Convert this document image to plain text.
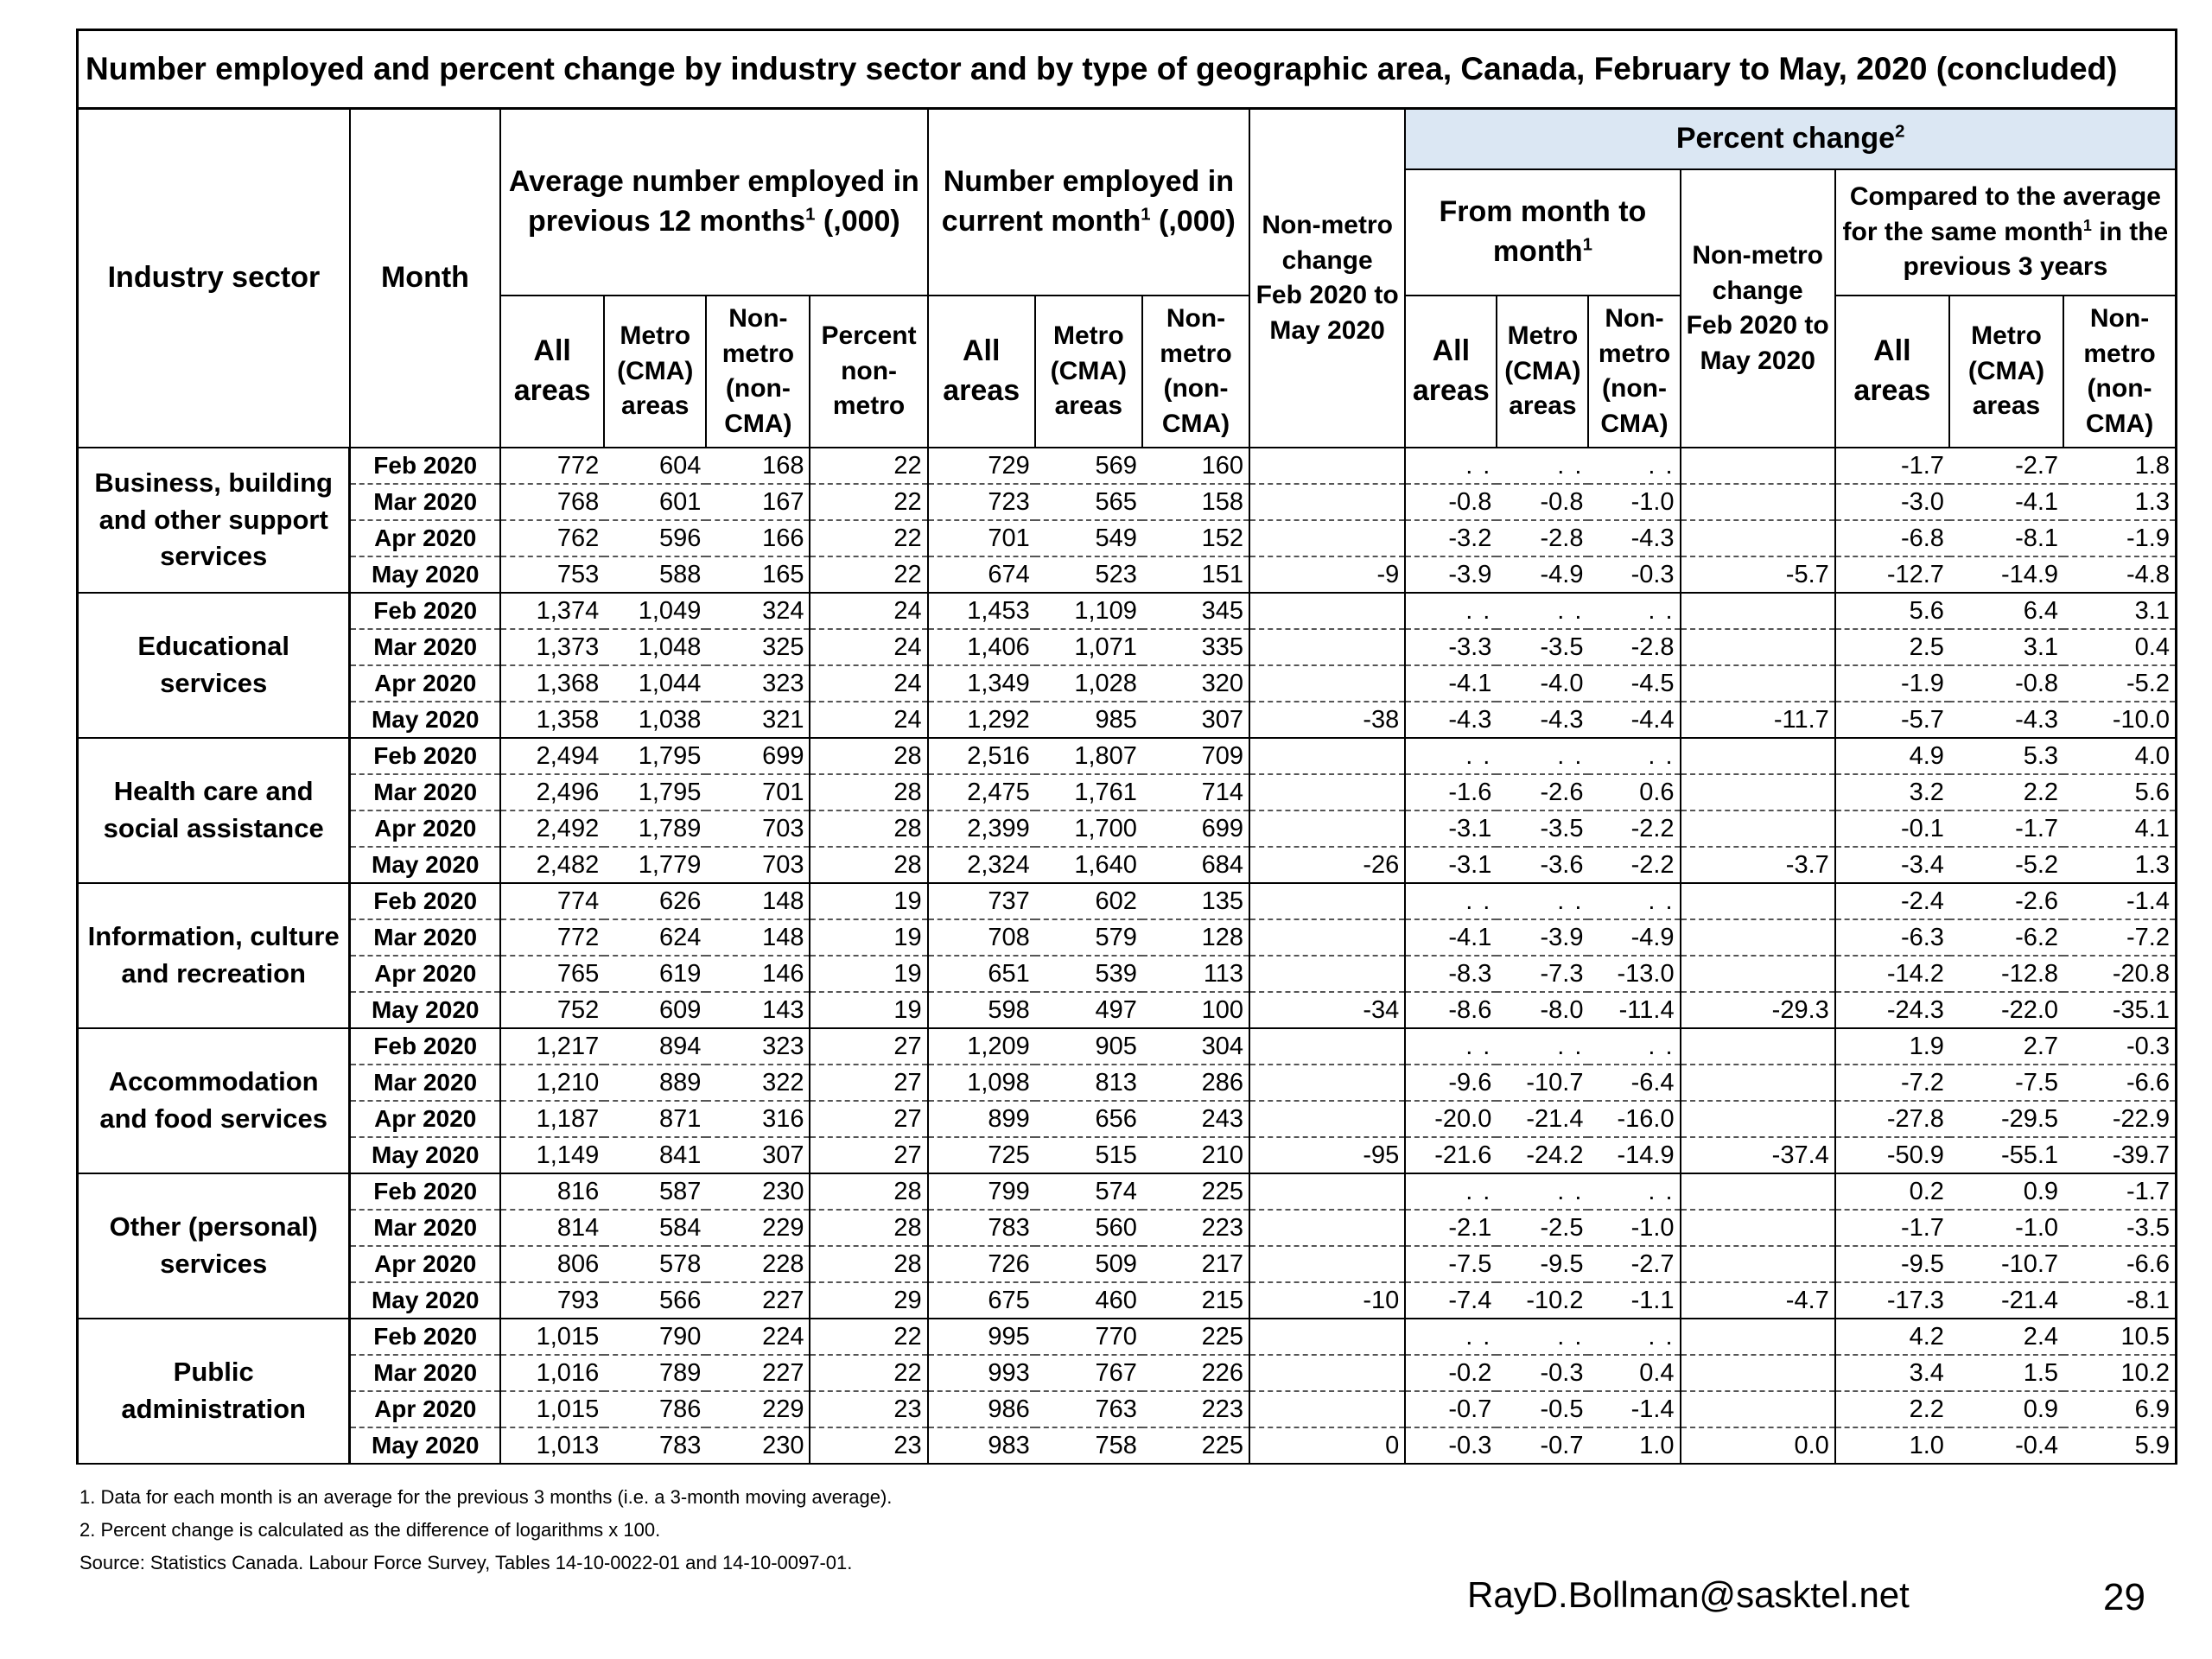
Number employed and percent change by industry sector and by type of geographic area, Canada, February to May, 2020 (concluded)																
Industry sector	Month	Average number employed in previous 12 months$^1$ (,000)				Number employed in current month$^1$ (,000)			Non-metro change Feb 2020 to May 2020	Percent change$^2$
										From month to month$^1$			Non-metro change Feb 2020 to May 2020	Compared to the average for the same month$^1$ in the previous 3 years		
		All areas	Metro (CMA) areas	Non-metro (non-CMA)	Percent non-metro	All areas	Metro (CMA) areas	Non-metro (non-CMA)		All areas	Metro (CMA) areas	Non-metro (non-CMA)		All areas	Metro (CMA) areas	Non-metro (non-CMA)
Business, building and other support services	Feb 2020	772	604	168	22	729	569	160		. .	. .	. .		-1.7	-2.7	1.8
	Mar 2020	768	601	167	22	723	565	158		-0.8	-0.8	-1.0		-3.0	-4.1	1.3
	Apr 2020	762	596	166	22	701	549	152		-3.2	-2.8	-4.3		-6.8	-8.1	-1.9
	May 2020	753	588	165	22	674	523	151	-9	-3.9	-4.9	-0.3	-5.7	-12.7	-14.9	-4.8
Educational services	Feb 2020	1,374	1,049	324	24	1,453	1,109	345		. .	. .	. .		5.6	6.4	3.1
	Mar 2020	1,373	1,048	325	24	1,406	1,071	335		-3.3	-3.5	-2.8		2.5	3.1	0.4
	Apr 2020	1,368	1,044	323	24	1,349	1,028	320		-4.1	-4.0	-4.5		-1.9	-0.8	-5.2
	May 2020	1,358	1,038	321	24	1,292	985	307	-38	-4.3	-4.3	-4.4	-11.7	-5.7	-4.3	-10.0
Health care and social assistance	Feb 2020	2,494	1,795	699	28	2,516	1,807	709		. .	. .	. .		4.9	5.3	4.0
	Mar 2020	2,496	1,795	701	28	2,475	1,761	714		-1.6	-2.6	0.6		3.2	2.2	5.6
	Apr 2020	2,492	1,789	703	28	2,399	1,700	699		-3.1	-3.5	-2.2		-0.1	-1.7	4.1
	May 2020	2,482	1,779	703	28	2,324	1,640	684	-26	-3.1	-3.6	-2.2	-3.7	-3.4	-5.2	1.3
Information, culture and recreation	Feb 2020	774	626	148	19	737	602	135		. .	. .	. .		-2.4	-2.6	-1.4
	Mar 2020	772	624	148	19	708	579	128		-4.1	-3.9	-4.9		-6.3	-6.2	-7.2
	Apr 2020	765	619	146	19	651	539	113		-8.3	-7.3	-13.0		-14.2	-12.8	-20.8
	May 2020	752	609	143	19	598	497	100	-34	-8.6	-8.0	-11.4	-29.3	-24.3	-22.0	-35.1
Accommodation and food services	Feb 2020	1,217	894	323	27	1,209	905	304		. .	. .	. .		1.9	2.7	-0.3
	Mar 2020	1,210	889	322	27	1,098	813	286		-9.6	-10.7	-6.4		-7.2	-7.5	-6.6
	Apr 2020	1,187	871	316	27	899	656	243		-20.0	-21.4	-16.0		-27.8	-29.5	-22.9
	May 2020	1,149	841	307	27	725	515	210	-95	-21.6	-24.2	-14.9	-37.4	-50.9	-55.1	-39.7
Other (personal) services	Feb 2020	816	587	230	28	799	574	225		. .	. .	. .		0.2	0.9	-1.7
	Mar 2020	814	584	229	28	783	560	223		-2.1	-2.5	-1.0		-1.7	-1.0	-3.5
	Apr 2020	806	578	228	28	726	509	217		-7.5	-9.5	-2.7		-9.5	-10.7	-6.6
	May 2020	793	566	227	29	675	460	215	-10	-7.4	-10.2	-1.1	-4.7	-17.3	-21.4	-8.1
Public administration	Feb 2020	1,015	790	224	22	995	770	225		. .	. .	. .		4.2	2.4	10.5
	Mar 2020	1,016	789	227	22	993	767	226		-0.2	-0.3	0.4		3.4	1.5	10.2
	Apr 2020	1,015	786	229	23	986	763	223		-0.7	-0.5	-1.4		2.2	0.9	6.9
	May 2020	1,013	783	230	23	983	758	225	0	-0.3	-0.7	1.0	0.0	1.0	-0.4	5.9
1. Data for each month is an average for the previous 3 months (i.e. a 3-month moving average).
2. Percent change is calculated as the difference of logarithms x 100.
Source: Statistics Canada. Labour Force Survey, Tables 14-10-0022-01 and 14-10-0097-01.
RayD.Bollman@sasktel.net	29
